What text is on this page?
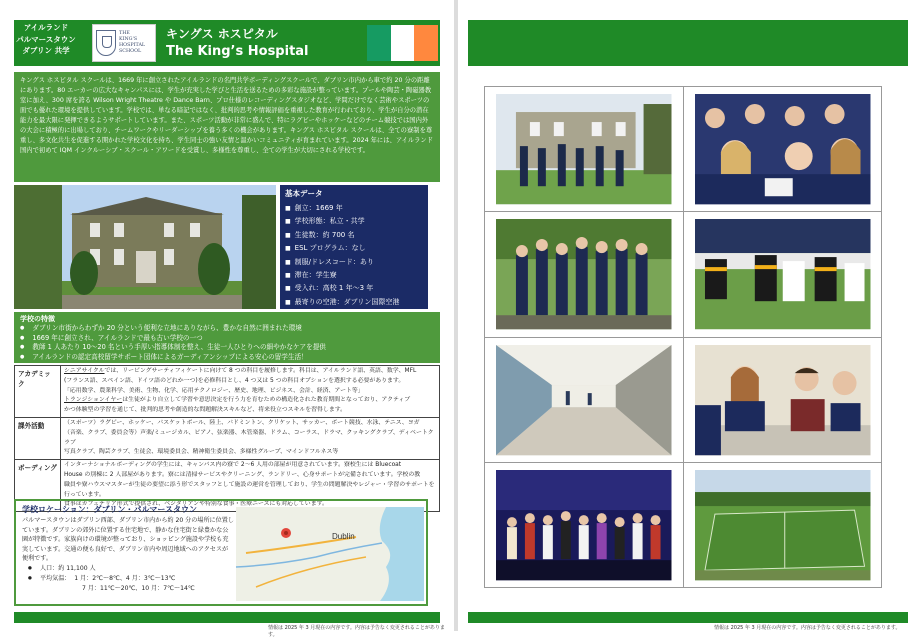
アイルランド
パルマースタウン
ダブリン 共学
THE
KING'S
HOSPITAL
SCHOOL
キングス ホスピタル
The King’s Hospital
キングス ホスピタル スクールは、1669 年に創立されたアイルランドの名門共学ボーディングスクールで、ダブリン市内から車で約 20 分の距離にあります。80 エーカーの広大なキャンパスには、学生が充実した学びと生活を送るための多彩な施設が整っています。プールや陶芸・陶磁器教室に加え、300 席を誇る Wilson Wright Theatre や Dance Barn、プロ仕様のレコーディングスタジオなど、学問だけでなく芸術やスポーツの面でも優れた環境を提供しています。学校では、単なる暗記ではなく、批判的思考や情報評価を重視した教育が行われており、学生が自分の潜在能力を最大限に発揮できるようサポートしています。また、スポーツ活動が非常に盛んで、特にラグビーやホッケーなどのチーム競技では国内外の大会に積極的に出場しており、チームワークやリーダーシップを養う多くの機会があります。キングス ホスピタル スクールは、全ての寮制を尊重し、多文化共生を促進する開かれた学校文化を持ち、学生同士の強い友情と温かいコミュニティが育まれています。2024 年には、アイルランド国内で初めて IQM インクルーシブ・スクール・アワードを受賞し、多様性を尊重し、全ての学生が大切にされる学校です。
基本データ
■ 創立：1669 年
■ 学校形態：私立・共学
■ 生徒数：約 700 名
■ ESL プログラム：なし
■ 制服/ドレスコード：あり
■ 滞在：学生寮
■ 受入れ：高校 1 年～3 年
■ 最寄りの空港：ダブリン国際空港
学校の特徴
● ダブリン市街からわずか 20 分という便利な立地にありながら、豊かな自然に囲まれた環境
● 1669 年に創立され、アイルランドで最も古い学校の一つ
● 教師 1 人あたり 10～20 名という手厚い指導体制を整え、生徒一人ひとりへの細やかなケアを提供
● アイルランドの認定高校留学サポート団体によるガーディアンシップによる安心の留学生活！
アカデミック

シニアサイクルでは、リービングサーティフィケートに向けて 8 つの科目を履修します。科目は、アイルランド語、英語、数学、MFL

(フランス語、スペイン語、ドイツ語のどれか一つ)を必修科目とし、4 つ又は 5 つの科目オプションを選択する必要があります。

「応用数学、農業科学、美術、生物、化学、応用テクノロジー、歴史、地理、ビジネス、会計、経済、アート等」

トランジションイヤーは生徒がより自立して学習や意思決定を行う力を育むための構造化された教育期間となっており、アクティブ

かつ体験型の学習を通じて、批判的思考や創造的な問題解決スキルなど、将来役立つスキルを習得します。

課外活動	（スポーツ）ラグビー、ホッケー、バスケットボール、陸上、バドミントン、クリケット、サッカー、ボート競技、水泳、テニス、ヨガ

（音楽、クラブ、委員会等）声楽/ミュージカル、ピアノ、弦楽器、木管楽器、ドラム、コーラス、ドラマ、クッキングクラブ、ディベートクラブ

写真クラブ、陶芸クラブ、生徒会、環境委員会、精神衛生委員会、多様性グループ、マインドフルネス等

ボーディング	インターナショナルボーディングの学生には、キャンパス内の寮で 2～6 人用の部屋が用意されています。寮校生には Bluecoat

House の別棟に 2 人部屋があります。寮には清掃サービスやクリーニング、ランドリー、心身サポートが完備されています。学校の教

職員や寮ハウスマスターが生徒の要望に添う形でスタッフとして施設の運営を管理しており、学生の問題解決やレジャー・学習のサポートを行っています。

食事はカフェテリア形式で提供され、ベジタリアンや特別な食事・医療ニーズにも対応しています。

学校ロケーション：ダブリン・パルマースタウン
パルマースタウンはダブリン西部、ダブリン市内から約 20 分の場所に位置しています。ダブリンの郊外に位置する住宅地で、静かな住宅街と緑豊かな公園が特徴です。家族向けの環境が整っており、ショッピング施設や学校も充実しています。交通の便も良好で、ダブリン市内や周辺地域へのアクセスが便利です。
● 人口：約 11,100 人
● 平均気温： 1 月：2℃～8℃、4 月：3℃～13℃
7 月：11℃～20℃、10 月：7℃～14℃
Dublin
情報は 2025 年 3 月現在の内容です。内容は予告なく変更されることがあります。
情報は 2025 年 3 月現在の内容です。内容は予告なく変更されることがあります。
